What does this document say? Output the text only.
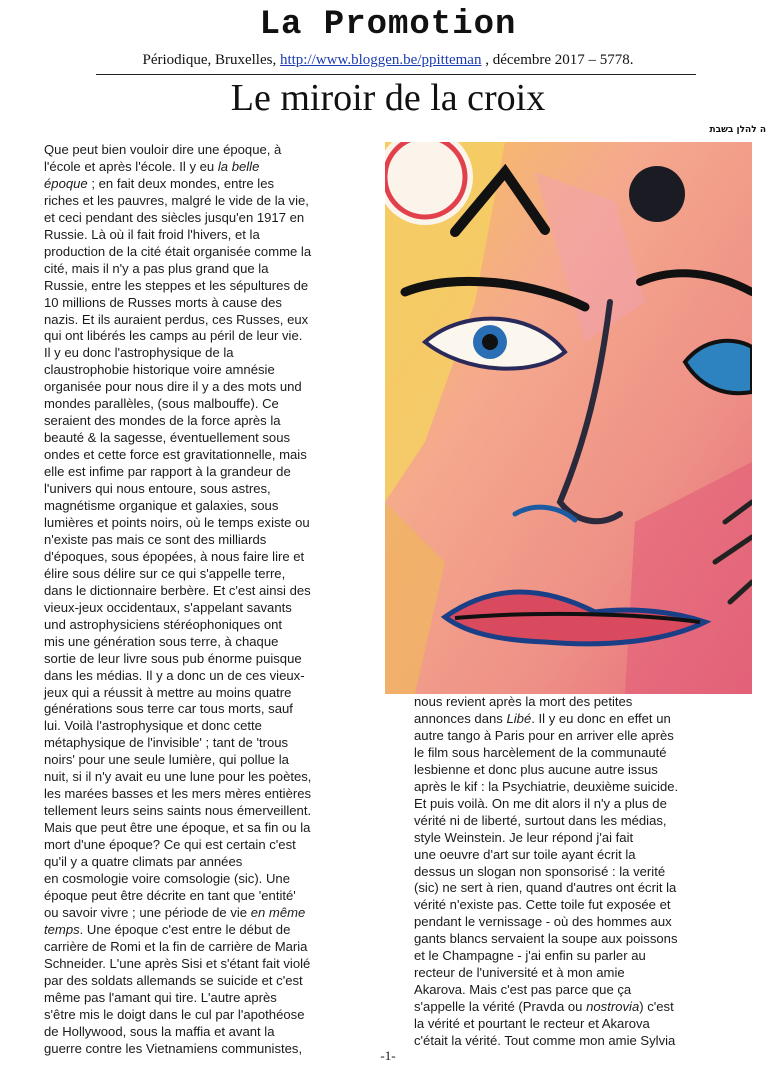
La Promotion
Périodique, Bruxelles, http://www.bloggen.be/ppitteman , décembre 2017 – 5778.
Le miroir de la croix
ה להלן בשבת
Que peut bien vouloir dire une époque, à
l'école et après l'école. Il y eu la belle
époque ; en fait deux mondes, entre les
riches et les pauvres, malgré le vide de la vie,
et ceci pendant des siècles jusqu'en 1917 en
Russie. Là où il fait froid l'hivers, et la
production de la cité était organisée comme la
cité, mais il n'y a pas plus grand que la
Russie, entre les steppes et les sépultures de
10 millions de Russes morts à cause des
nazis. Et ils auraient perdus, ces Russes, eux
qui ont libérés les camps au péril de leur vie.
Il y eu donc l'astrophysique de la
claustrophobie historique voire amnésie
organisée pour nous dire il y a des mots und
mondes parallèles, (sous malbouffe). Ce
seraient des mondes de la force après la
beauté & la sagesse, éventuellement sous
ondes et cette force est gravitationnelle, mais
elle est infime par rapport à la grandeur de
l'univers qui nous entoure, sous astres,
magnétisme organique et galaxies, sous
lumières et points noirs, où le temps existe ou
n'existe pas mais ce sont des milliards
d'époques, sous épopées, à nous faire lire et
élire sous délire sur ce qui s'appelle terre,
dans le dictionnaire berbère. Et c'est ainsi des
vieux-jeux occidentaux, s'appelant savants
und astrophysiciens stéréophoniques ont
mis une génération sous terre, à chaque
sortie de leur livre sous pub énorme puisque
dans les médias. Il y a donc un de ces vieux-
jeux qui a réussit à mettre au moins quatre
générations sous terre car tous morts, sauf
lui. Voilà l'astrophysique et donc cette
métaphysique de l'invisible' ; tant de 'trous
noirs' pour une seule lumière, qui pollue la
nuit, si il n'y avait eu une lune pour les poètes,
les marées basses et les mers mères entières
tellement leurs seins saints nous émerveillent.
Mais que peut être une époque, et sa fin ou la
mort d'une époque? Ce qui est certain c'est
qu'il y a quatre climats par années
en cosmologie voire comsologie (sic). Une
époque peut être décrite en tant que 'entité'
ou savoir vivre ; une période de vie en même
temps. Une époque c'est entre le début de
carrière de Romi et la fin de carrière de Maria
Schneider. L'une après Sisi et s'étant fait violé
par des soldats allemands se suicide et c'est
même pas l'amant qui tire. L'autre après
s'être mis le doigt dans le cul par l'apothéose
de Hollywood, sous la maffia et avant la
guerre contre les Vietnamiens communistes,
nous revient après la mort des petites
annonces dans Libé. Il y eu donc en effet un
autre tango à Paris pour en arriver elle après
le film sous harcèlement de la communauté
lesbienne et donc plus aucune autre issus
après le kif : la Psychiatrie, deuxième suicide.
Et puis voilà. On me dit alors il n'y a plus de
vérité ni de liberté, surtout dans les médias,
style Weinstein. Je leur répond j'ai fait
une oeuvre d'art sur toile ayant écrit la
dessus un slogan non sponsorisé : la verité
(sic) ne sert à rien, quand d'autres ont écrit la
vérité n'existe pas. Cette toile fut exposée et
pendant le vernissage - où des hommes aux
gants blancs servaient la soupe aux poissons
et le Champagne - j'ai enfin su parler au
recteur de l'université et à mon amie
Akarova. Mais c'est pas parce que ça
s'appelle la vérité (Pravda ou nostrovia) c'est
la vérité et pourtant le recteur et Akarova
c'était la vérité. Tout comme mon amie Sylvia
-1-
